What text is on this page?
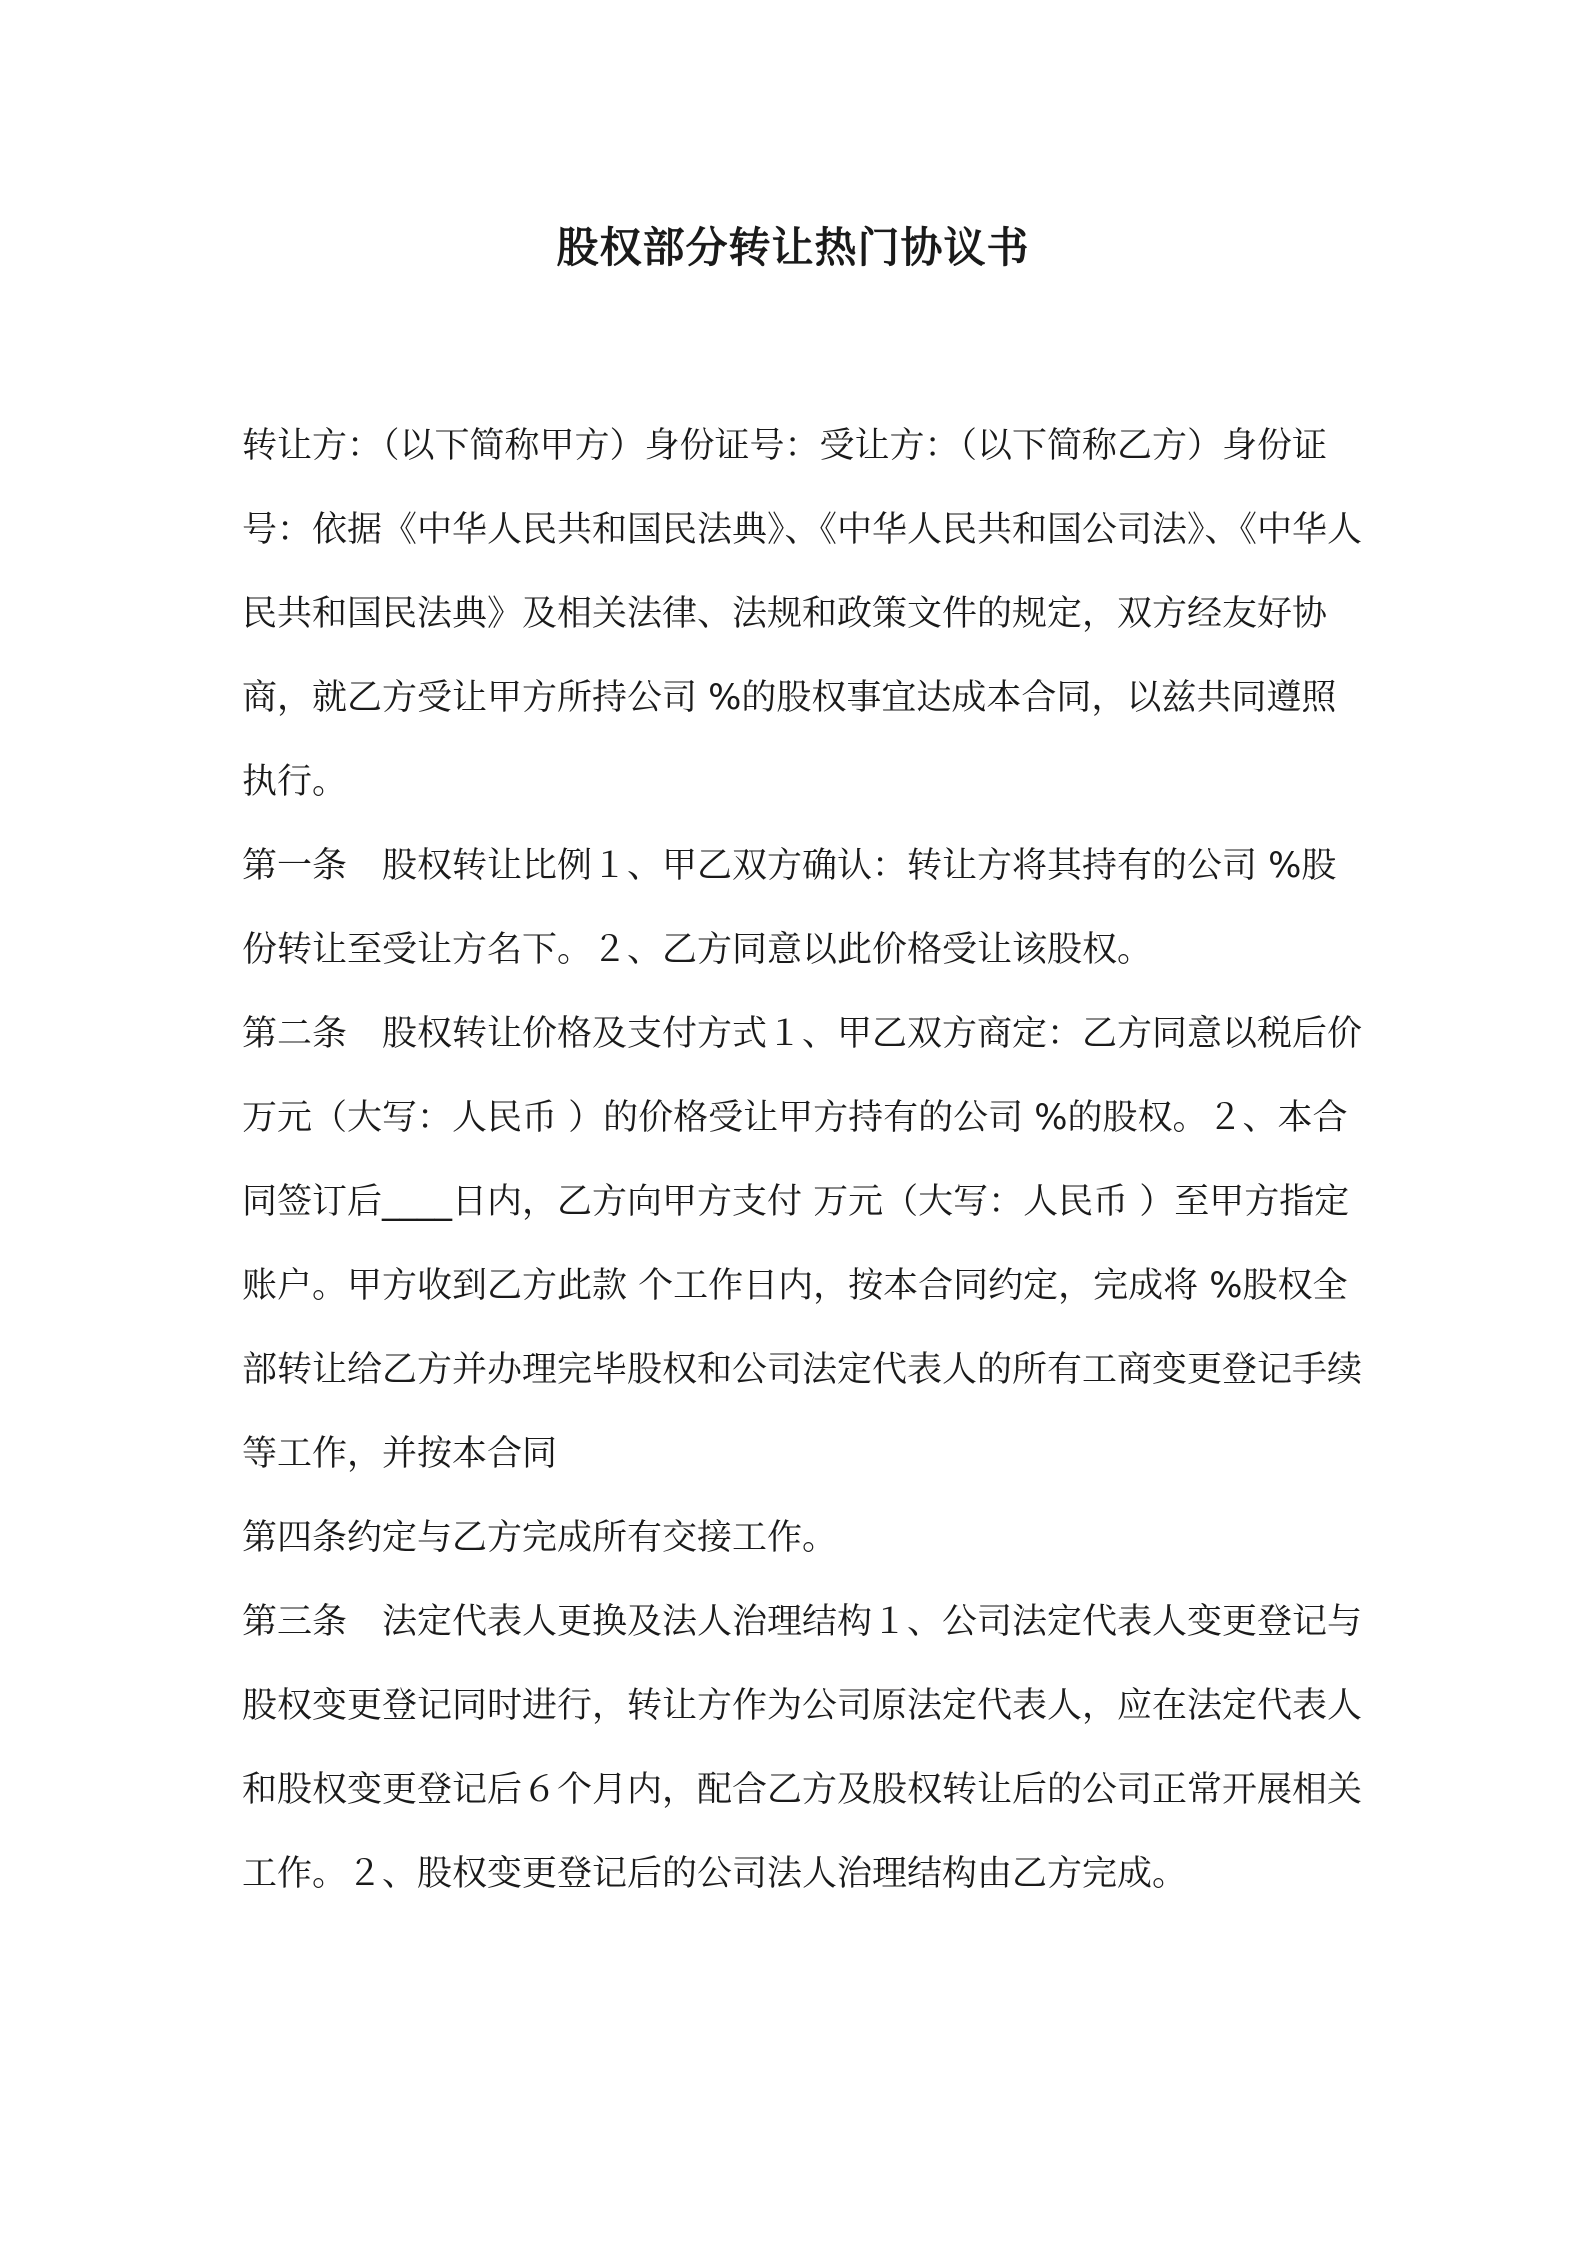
股权部分转让热门协议书

转让方：（以下简称甲方）身份证号：受让方：（以下简称乙方）身份证号：依据《中华人民共和国民法典》、《中华人民共和国公司法》、《中华人民共和国民法典》及相关法律、法规和政策文件的规定，双方经友好协商，就乙方受让甲方所持公司 %的股权事宜达成本合同，以兹共同遵照执行。

第一条　股权转让比例１、甲乙双方确认：转让方将其持有的公司 %股份转让至受让方名下。２、乙方同意以此价格受让该股权。

第二条　股权转让价格及支付方式１、甲乙双方商定：乙方同意以税后价 万元（大写：人民币 ）的价格受让甲方持有的公司 %的股权。２、本合同签订后____日内，乙方向甲方支付 万元（大写：人民币 ）至甲方指定账户。甲方收到乙方此款 个工作日内，按本合同约定，完成将 %股权全部转让给乙方并办理完毕股权和公司法定代表人的所有工商变更登记手续等工作，并按本合同

第四条约定与乙方完成所有交接工作。

第三条　法定代表人更换及法人治理结构１、公司法定代表人变更登记与股权变更登记同时进行，转让方作为公司原法定代表人，应在法定代表人和股权变更登记后６个月内，配合乙方及股权转让后的公司正常开展相关工作。２、股权变更登记后的公司法人治理结构由乙方完成。
